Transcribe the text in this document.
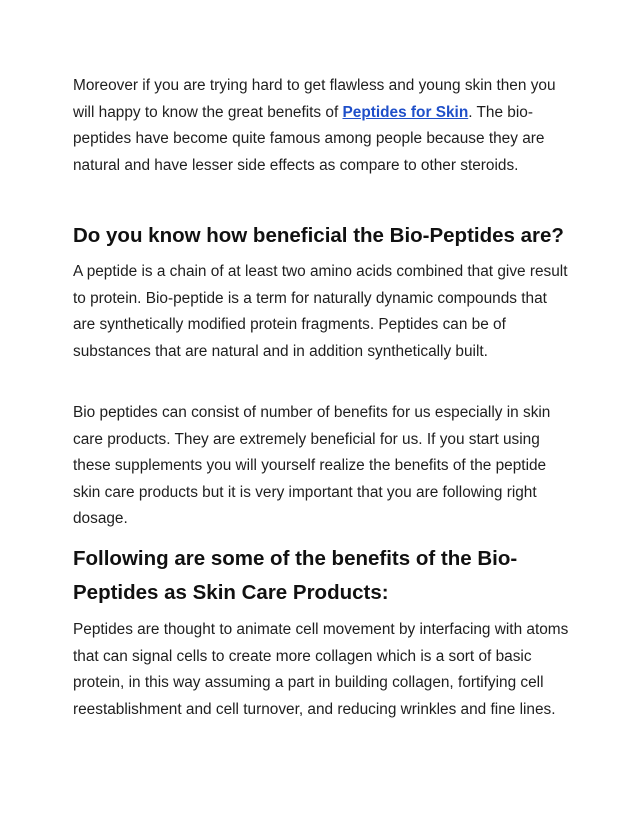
Moreover if you are trying hard to get flawless and young skin then you will happy to know the great benefits of Peptides for Skin. The bio-peptides have become quite famous among people because they are natural and have lesser side effects as compare to other steroids.

Do you know how beneficial the Bio-Peptides are?

A peptide is a chain of at least two amino acids combined that give result to protein. Bio-peptide is a term for naturally dynamic compounds that are synthetically modified protein fragments. Peptides can be of substances that are natural and in addition synthetically built.

Bio peptides can consist of number of benefits for us especially in skin care products. They are extremely beneficial for us. If you start using these supplements you will yourself realize the benefits of the peptide skin care products but it is very important that you are following right dosage.

Following are some of the benefits of the Bio-Peptides as Skin Care Products:

Peptides are thought to animate cell movement by interfacing with atoms that can signal cells to create more collagen which is a sort of basic protein, in this way assuming a part in building collagen, fortifying cell reestablishment and cell turnover, and reducing wrinkles and fine lines.
